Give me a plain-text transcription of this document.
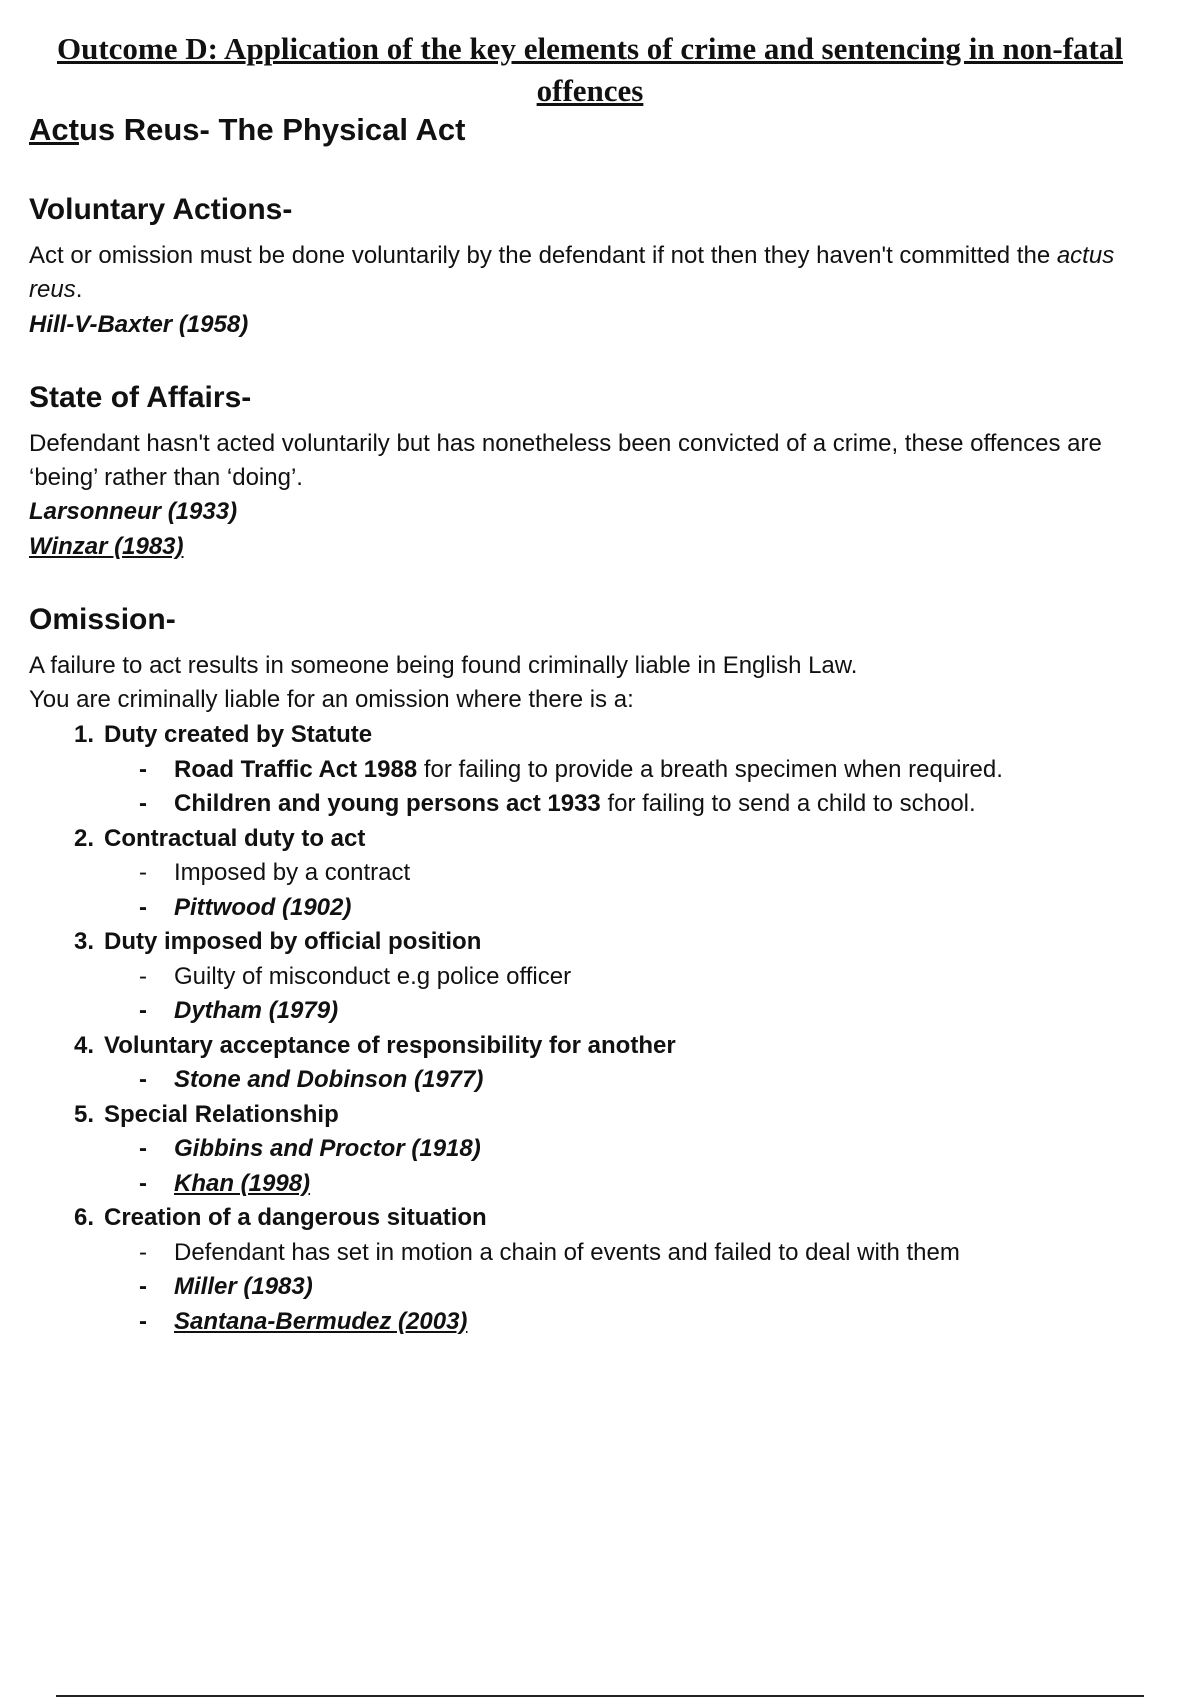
Outcome D: Application of the key elements of crime and sentencing in non-fatal offences
Actus Reus- The Physical Act
Voluntary Actions-

Act or omission must be done voluntarily by the defendant if not then they haven't committed the actus reus.

Hill-V-Baxter (1958)

State of Affairs-

Defendant hasn't acted voluntarily but has nonetheless been convicted of a crime, these offences are ‘being’ rather than ‘doing’.

Larsonneur (1933)

Winzar (1983)

Omission-

A failure to act results in someone being found criminally liable in English Law.

You are criminally liable for an omission where there is a:

1. Duty created by Statute
- Road Traffic Act 1988 for failing to provide a breath specimen when required.
- Children and young persons act 1933 for failing to send a child to school.
2. Contractual duty to act
- Imposed by a contract
- Pittwood (1902)
3. Duty imposed by official position
- Guilty of misconduct e.g police officer
- Dytham (1979)
4. Voluntary acceptance of responsibility for another
- Stone and Dobinson (1977)
5. Special Relationship
- Gibbins and Proctor (1918)
- Khan (1998)
6. Creation of a dangerous situation
- Defendant has set in motion a chain of events and failed to deal with them
- Miller (1983)
- Santana-Bermudez (2003)
